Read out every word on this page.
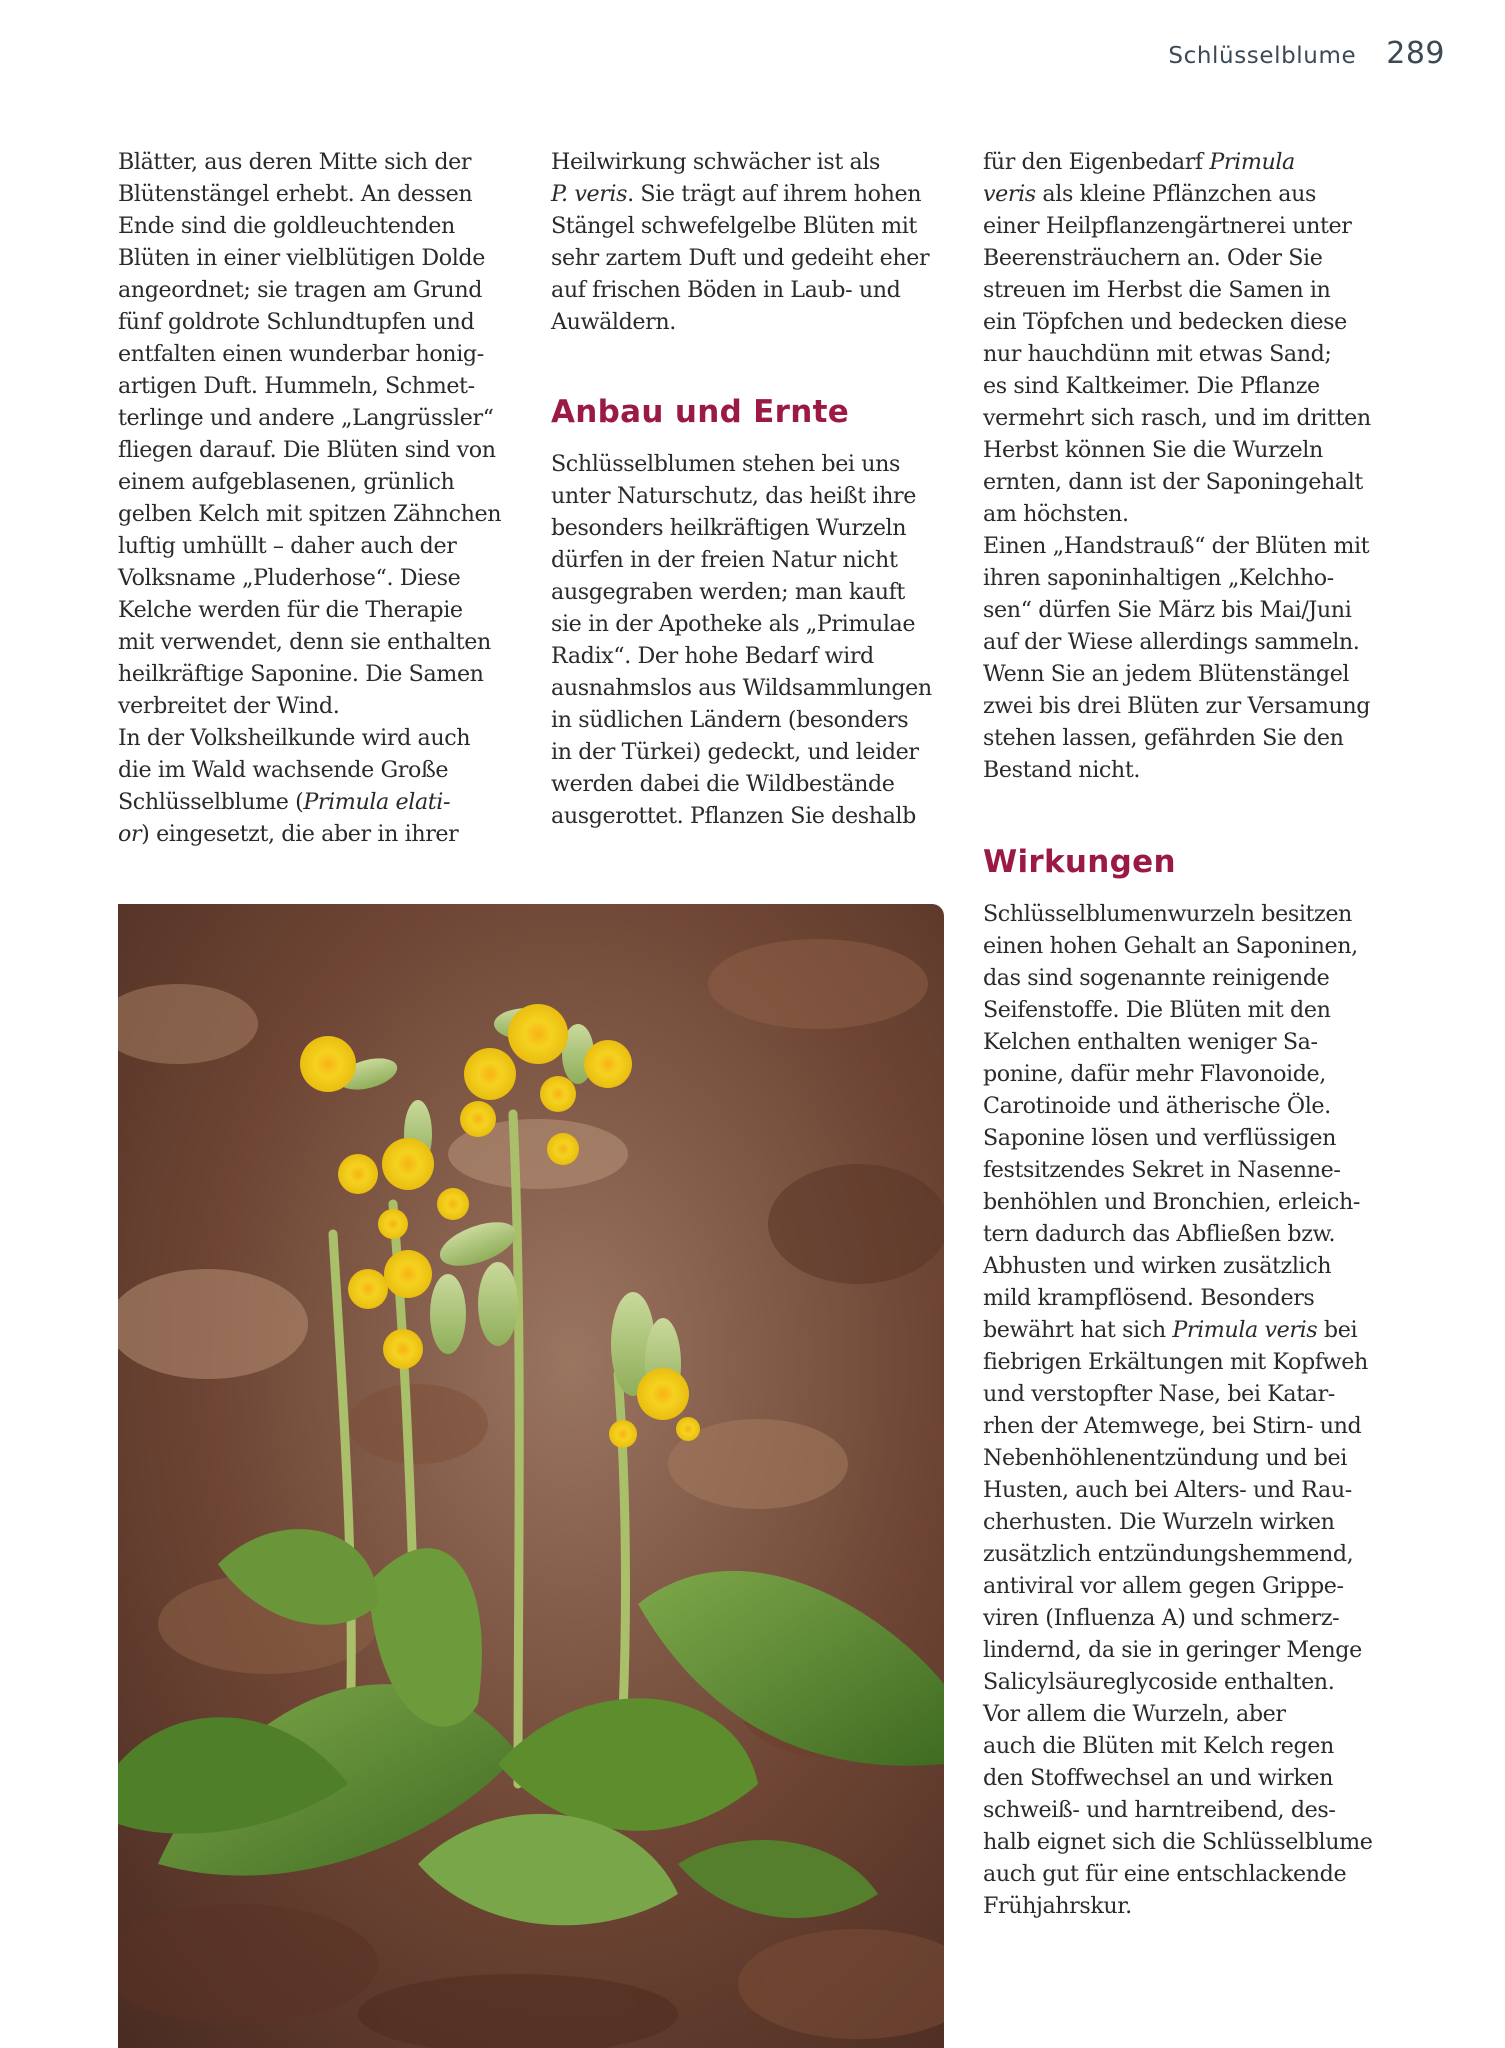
Schlüsselblume 289

Blätter, aus deren Mitte sich der
Blütenstängel erhebt. An dessen
Ende sind die goldleuchtenden
Blüten in einer vielblütigen Dolde
angeordnet; sie tragen am Grund
fünf goldrote Schlundtupfen und
entfalten einen wunderbar honig-
artigen Duft. Hummeln, Schmet-
terlinge und andere „Langrüssler“
fliegen darauf. Die Blüten sind von
einem aufgeblasenen, grünlich
gelben Kelch mit spitzen Zähnchen
luftig umhüllt – daher auch der
Volksname „Pluderhose“. Diese
Kelche werden für die Therapie
mit verwendet, denn sie enthalten
heilkräftige Saponine. Die Samen
verbreitet der Wind.
In der Volksheilkunde wird auch
die im Wald wachsende Große
Schlüsselblume (Primula elati-
or) eingesetzt, die aber in ihrer

Heilwirkung schwächer ist als
P. veris. Sie trägt auf ihrem hohen
Stängel schwefelgelbe Blüten mit
sehr zartem Duft und gedeiht eher
auf frischen Böden in Laub- und
Auwäldern.

Anbau und Ernte

Schlüsselblumen stehen bei uns
unter Naturschutz, das heißt ihre
besonders heilkräftigen Wurzeln
dürfen in der freien Natur nicht
ausgegraben werden; man kauft
sie in der Apotheke als „Primulae
Radix“. Der hohe Bedarf wird
ausnahmslos aus Wildsammlungen
in südlichen Ländern (besonders
in der Türkei) gedeckt, und leider
werden dabei die Wildbestände
ausgerottet. Pflanzen Sie deshalb

für den Eigenbedarf Primula
veris als kleine Pflänzchen aus
einer Heilpflanzengärtnerei unter
Beerensträuchern an. Oder Sie
streuen im Herbst die Samen in
ein Töpfchen und bedecken diese
nur hauchdünn mit etwas Sand;
es sind Kaltkeimer. Die Pflanze
vermehrt sich rasch, und im dritten
Herbst können Sie die Wurzeln
ernten, dann ist der Saponingehalt
am höchsten.
Einen „Handstrauß“ der Blüten mit
ihren saponinhaltigen „Kelchho-
sen“ dürfen Sie März bis Mai/Juni
auf der Wiese allerdings sammeln.
Wenn Sie an jedem Blütenstängel
zwei bis drei Blüten zur Versamung
stehen lassen, gefährden Sie den
Bestand nicht.

Wirkungen

Schlüsselblumenwurzeln besitzen
einen hohen Gehalt an Saponinen,
das sind sogenannte reinigende
Seifenstoffe. Die Blüten mit den
Kelchen enthalten weniger Sa-
ponine, dafür mehr Flavonoide,
Carotinoide und ätherische Öle.
Saponine lösen und verflüssigen
festsitzendes Sekret in Nasenne-
benhöhlen und Bronchien, erleich-
tern dadurch das Abfließen bzw.
Abhusten und wirken zusätzlich
mild krampflösend. Besonders
bewährt hat sich Primula veris bei
fiebrigen Erkältungen mit Kopfweh
und verstopfter Nase, bei Katar-
rhen der Atemwege, bei Stirn- und
Nebenhöhlenentzündung und bei
Husten, auch bei Alters- und Rau-
cherhusten. Die Wurzeln wirken
zusätzlich entzündungshemmend,
antiviral vor allem gegen Grippe-
viren (Influenza A) und schmerz-
lindernd, da sie in geringer Menge
Salicylsäureglycoside enthalten.
Vor allem die Wurzeln, aber
auch die Blüten mit Kelch regen
den Stoffwechsel an und wirken
schweiß- und harntreibend, des-
halb eignet sich die Schlüsselblume
auch gut für eine entschlackende
Frühjahrskur.
